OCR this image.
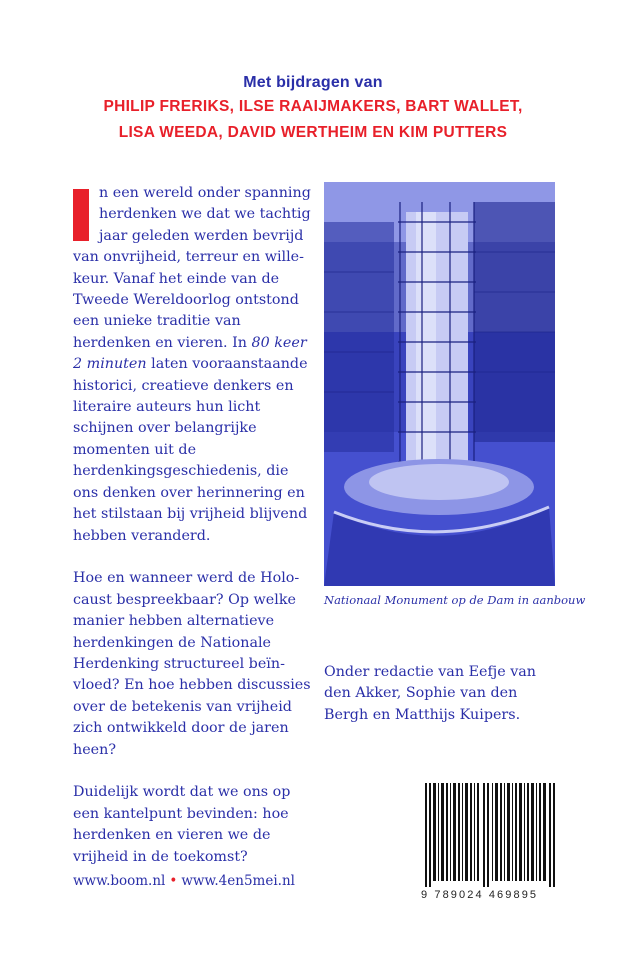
Met bijdragen van
PHILIP FRERIKS, ILSE RAAIJMAKERS, BART WALLET,
LISA WEEDA, DAVID WERTHEIM EN KIM PUTTERS
n een wereld onder spanning
herdenken we dat we tachtig
jaar geleden werden bevrijd
van onvrijheid, terreur en wille-keur. Vanaf het einde van de Tweede Wereldoorlog ontstond een unieke traditie van herdenken en vieren. In 80 keer 2 minuten laten vooraanstaande historici, creatieve denkers en literaire auteurs hun licht schijnen over belangrijke momenten uit de herdenkingsgeschiedenis, die ons denken over herinnering en het stilstaan bij vrijheid blijvend hebben veranderd.

Hoe en wanneer werd de Holo-caust bespreekbaar? Op welke manier hebben alternatieve herdenkingen de Nationale Herdenking structureel beïn-vloed? En hoe hebben discussies over de betekenis van vrijheid zich ontwikkeld door de jaren heen?

Duidelijk wordt dat we ons op een kantelpunt bevinden: hoe herdenken en vieren we de vrijheid in de toekomst?

Nationaal Monument op de Dam in aanbouw
Onder redactie van Eefje van den Akker, Sophie van den Bergh en Matthijs Kuipers.
www.boom.nl • www.4en5mei.nl
9 789024 469895
